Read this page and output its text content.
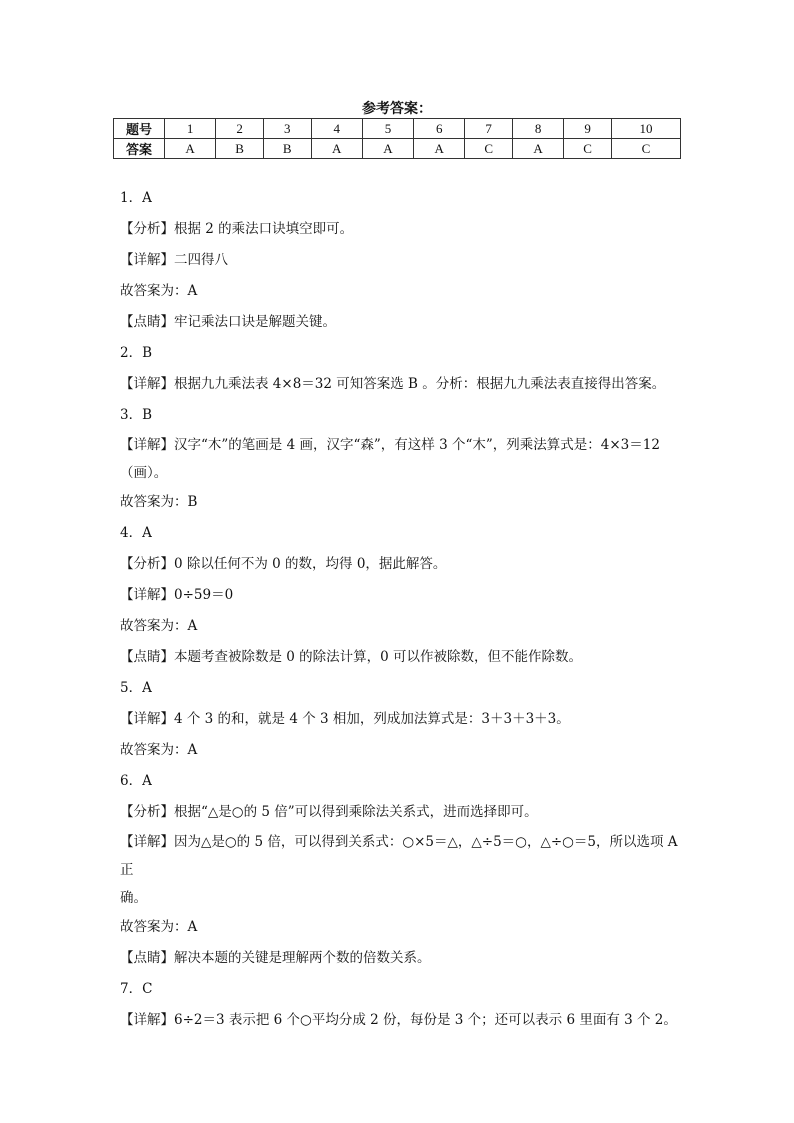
参考答案：
题号	1	2	3	4	5	6	7	8	9	10
答案	A	B	B	A	A	A	C	A	C	C

1．A

【分析】根据 2 的乘法口诀填空即可。

【详解】二四得八

故答案为：A

【点睛】牢记乘法口诀是解题关键。

2．B

【详解】根据九九乘法表 4×8＝32 可知答案选 B 。分析：根据九九乘法表直接得出答案。

3．B

【详解】汉字“木”的笔画是 4 画，汉字“森”，有这样 3 个“木”，列乘法算式是：4×3＝12

（画）。

故答案为：B

4．A

【分析】0 除以任何不为 0 的数，均得 0，据此解答。

【详解】0÷59＝0

故答案为：A

【点睛】本题考查被除数是 0 的除法计算，0 可以作被除数，但不能作除数。

5．A

【详解】4 个 3 的和，就是 4 个 3 相加，列成加法算式是：3＋3＋3＋3。

故答案为：A

6．A

【分析】根据“△是○的 5 倍”可以得到乘除法关系式，进而选择即可。

【详解】因为△是○的 5 倍，可以得到关系式：○×5＝△，△÷5＝○，△÷○＝5，所以选项 A 正

确。

故答案为：A

【点睛】解决本题的关键是理解两个数的倍数关系。

7．C

【详解】6÷2＝3 表示把 6 个○平均分成 2 份，每份是 3 个；还可以表示 6 里面有 3 个 2。
